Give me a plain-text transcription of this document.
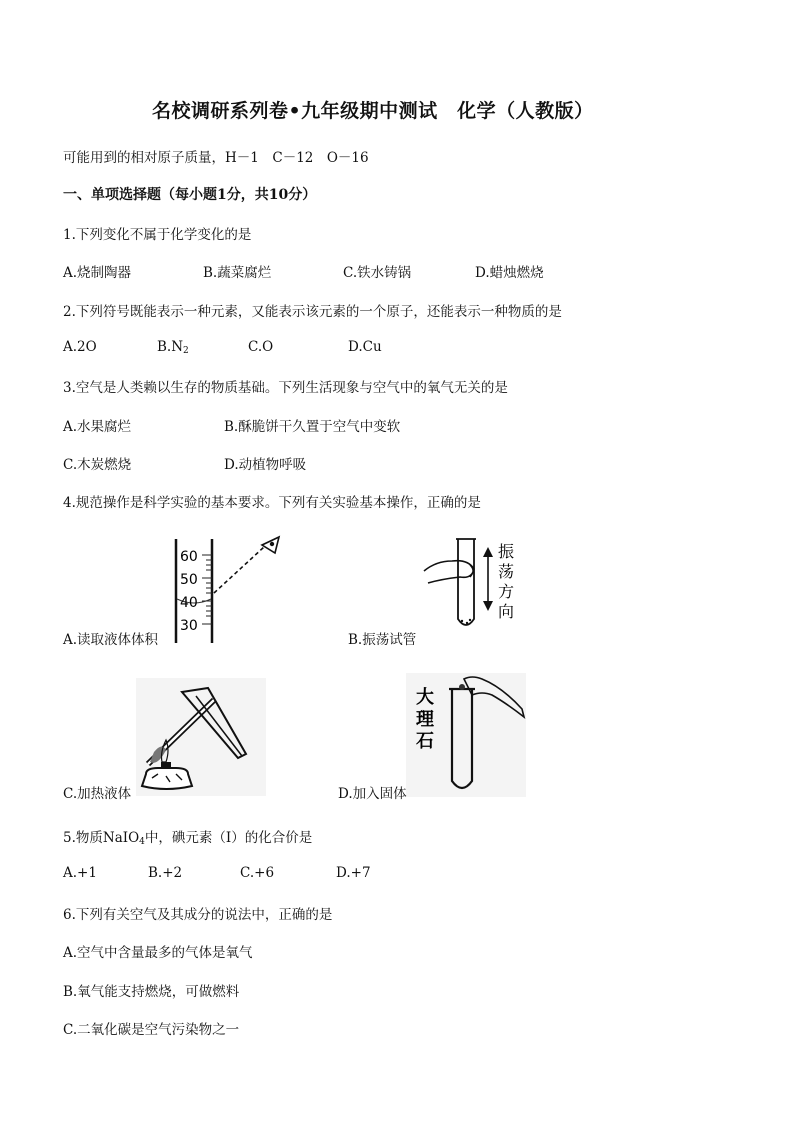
名校调研系列卷•九年级期中测试　化学（人教版）
可能用到的相对原子质量，H－1　C－12　O－16
一、单项选择题（每小题1分，共10分）
1.下列变化不属于化学变化的是
A.烧制陶器	B.蔬菜腐烂	C.铁水铸锅	D.蜡烛燃烧
2.下列符号既能表示一种元素，又能表示该元素的一个原子，还能表示一种物质的是
A.2O	$B.N_2$	C.O	D.Cu
3.空气是人类赖以生存的物质基础。下列生活现象与空气中的氧气无关的是
A.水果腐烂	B.酥脆饼干久置于空气中变软
C.木炭燃烧	D.动植物呼吸
4.规范操作是科学实验的基本要求。下列有关实验基本操作，正确的是
60
50
40
30
A.读取液体体积
振
荡
方
向
B.振荡试管
C.加热液体
大
理
石
D.加入固体
5.物质NaIO$_4$中，碘元素（I）的化合价是
A.+1	B.+2	C.+6	D.+7
6.下列有关空气及其成分的说法中，正确的是
A.空气中含量最多的气体是氧气
B.氧气能支持燃烧，可做燃料
C.二氧化碳是空气污染物之一
